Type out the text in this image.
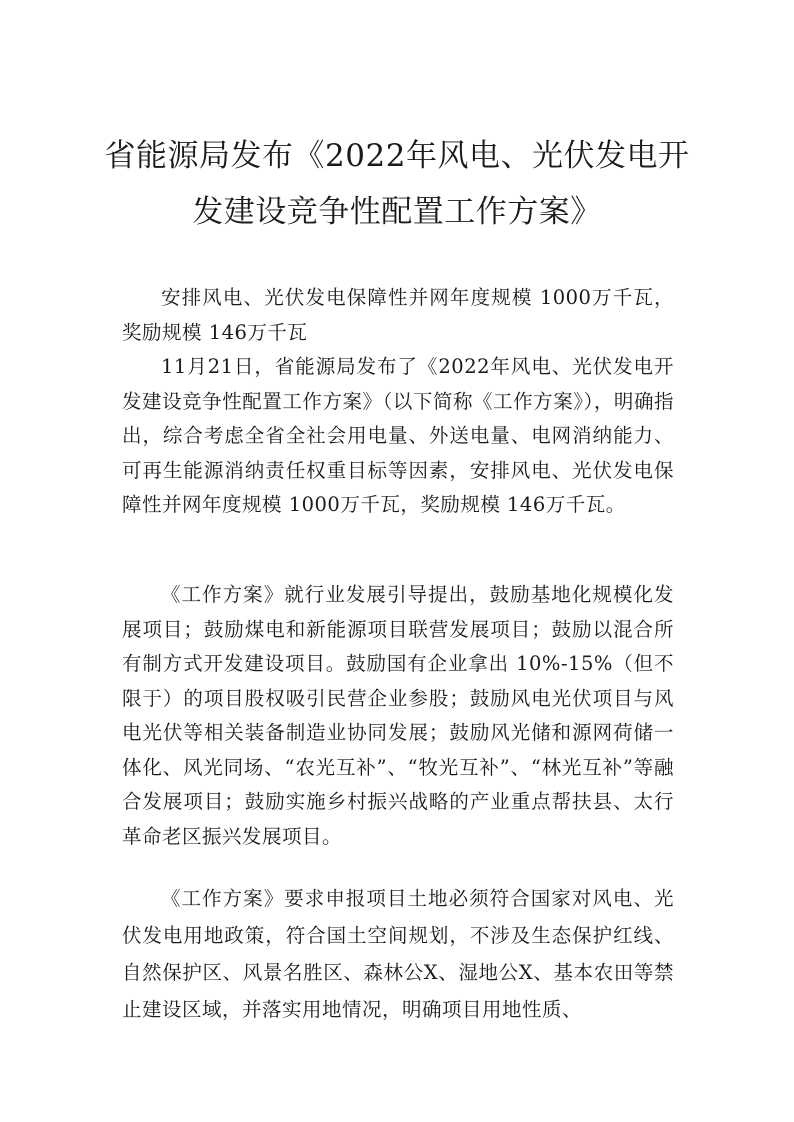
省能源局发布《2022年风电、光伏发电开
发建设竞争性配置工作方案》

安排风电、光伏发电保障性并网年度规模 1000万千瓦，奖励规模 146万千瓦

11月21日，省能源局发布了《2022年风电、光伏发电开发建设竞争性配置工作方案》（以下简称《工作方案》），明确指出，综合考虑全省全社会用电量、外送电量、电网消纳能力、可再生能源消纳责任权重目标等因素，安排风电、光伏发电保障性并网年度规模 1000万千瓦，奖励规模 146万千瓦。

《工作方案》就行业发展引导提出，鼓励基地化规模化发展项目；鼓励煤电和新能源项目联营发展项目；鼓励以混合所有制方式开发建设项目。鼓励国有企业拿出 10%-15%（但不限于）的项目股权吸引民营企业参股；鼓励风电光伏项目与风电光伏等相关装备制造业协同发展；鼓励风光储和源网荷储一体化、风光同场、“农光互补”、“牧光互补”、“林光互补”等融合发展项目；鼓励实施乡村振兴战略的产业重点帮扶县、太行革命老区振兴发展项目。

《工作方案》要求申报项目土地必须符合国家对风电、光伏发电用地政策，符合国土空间规划，不涉及生态保护红线、自然保护区、风景名胜区、森林公X、湿地公X、基本农田等禁止建设区域，并落实用地情况，明确项目用地性质、
